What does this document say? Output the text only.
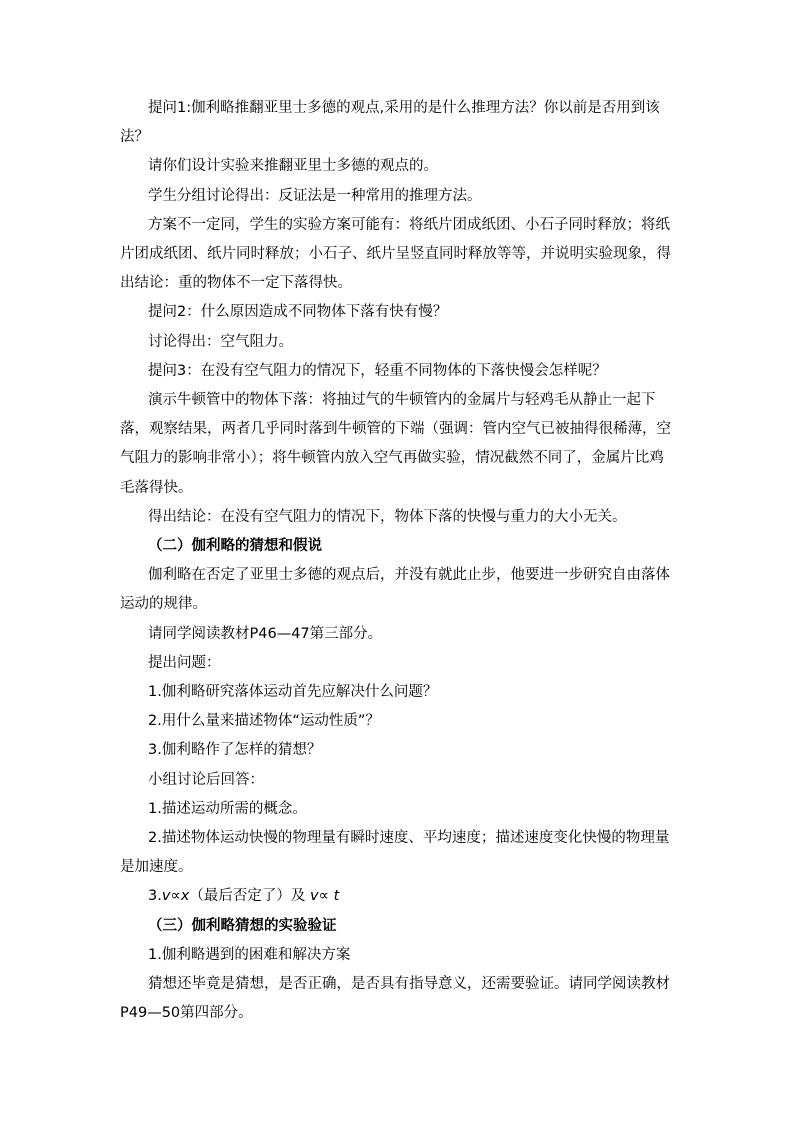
提问1:伽利略推翻亚里士多德的观点,采用的是什么推理方法？你以前是否用到该法？

请你们设计实验来推翻亚里士多德的观点的。

学生分组讨论得出：反证法是一种常用的推理方法。

方案不一定同，学生的实验方案可能有：将纸片团成纸团、小石子同时释放；将纸片团成纸团、纸片同时释放；小石子、纸片呈竖直同时释放等等，并说明实验现象，得出结论：重的物体不一定下落得快。

提问2：什么原因造成不同物体下落有快有慢？

讨论得出：空气阻力。

提问3：在没有空气阻力的情况下，轻重不同物体的下落快慢会怎样呢？

演示牛顿管中的物体下落：将抽过气的牛顿管内的金属片与轻鸡毛从静止一起下落，观察结果，两者几乎同时落到牛顿管的下端（强调：管内空气已被抽得很稀薄，空气阻力的影响非常小）；将牛顿管内放入空气再做实验，情况截然不同了，金属片比鸡毛落得快。

得出结论：在没有空气阻力的情况下，物体下落的快慢与重力的大小无关。

（二）伽利略的猜想和假说

伽利略在否定了亚里士多德的观点后，并没有就此止步，他要进一步研究自由落体运动的规律。

请同学阅读教材P46—47第三部分。

提出问题：

1.伽利略研究落体运动首先应解决什么问题？

2.用什么量来描述物体“运动性质”？

3.伽利略作了怎样的猜想？

小组讨论后回答：

1.描述运动所需的概念。

2.描述物体运动快慢的物理量有瞬时速度、平均速度；描述速度变化快慢的物理量是加速度。

3.v∝x（最后否定了）及 v∝ t

（三）伽利略猜想的实验验证

1.伽利略遇到的困难和解决方案

猜想还毕竟是猜想，是否正确，是否具有指导意义，还需要验证。请同学阅读教材P49—50第四部分。
